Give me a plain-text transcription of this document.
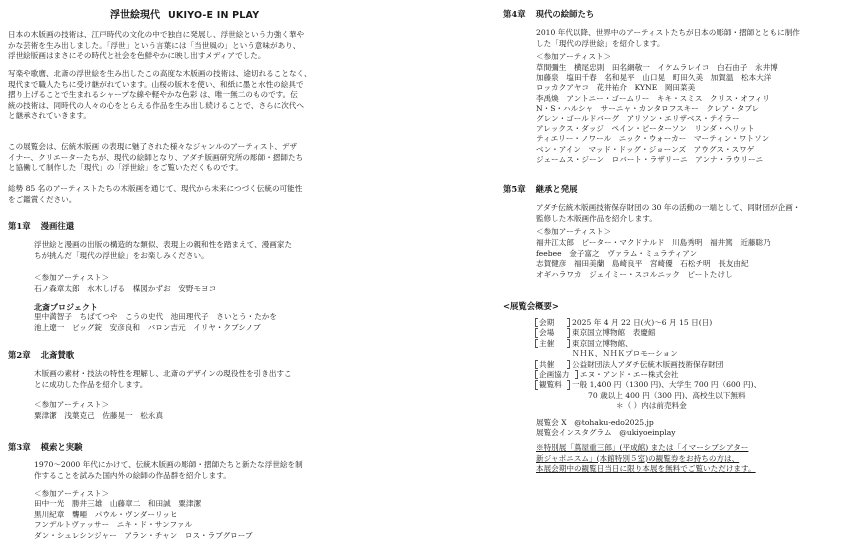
浮世絵現代 UKIYO-E IN PLAY
日本の木版画の技術は、江戸時代の文化の中で独自に発展し、浮世絵という力強く華や
かな芸術を生み出しました。「浮世」という言葉には「当世風の」という意味があり、
浮世絵版画はまさにその時代と社会を色鮮やかに映し出すメディアでした。
写楽や歌麿、北斎の浮世絵を生み出したこの高度な木版画の技術は、途切れることなく、
現代まで職人たちに受け継がれています。山桜の版木を使い、和紙に墨と水性の絵具で
摺り上げることで生まれるシャープな線や軽やかな色彩 は、唯一無二のものです。伝
統の技術は、同時代の人々の心をとらえる作品を生み出し続けることで、さらに次代へ
と継承されていきます。
この展覧会は、伝統木版画 の表現に魅了された様々なジャンルのアーティスト、デザ
イナー、クリエーターたちが、現代の絵師となり、アダチ版画研究所の彫師・摺師たち
と協働して制作した「現代」の「浮世絵」をご覧いただくものです。
総勢 85 名のアーティストたちの木版画を通じて、現代から未来につづく伝統の可能性
をご鑑賞ください。
第1章 漫画往還
浮世絵と漫画の出版の構造的な類似、表現上の親和性を踏まえて、漫画家た
ちが挑んだ「現代の浮世絵」をお楽しみください。
＜参加アーティスト＞
石ノ森章太郎　水木しげる　楳図かずお　安野モヨコ
北斎プロジェクト
里中満智子　ちばてつや　こうの史代　池田理代子　さいとう・たかを
池上遼一　ビッグ錠　安彦良和　バロン吉元　イリヤ・クブシノブ
第2章 北斎賛歌
木版画の素材・技法の特性を理解し、北斎のデザインの現役性を引き出すこ
とに成功した作品を紹介します。
＜参加アーティスト＞
粟津潔　浅葉克己　佐藤晃一　松永真
第3章 模索と実験
1970～2000 年代にかけて、伝統木版画の彫師・摺師たちと新たな浮世絵を制
作することを試みた国内外の絵師の作品群を紹介します。
＜参加アーティスト＞
田中一光　勝井三雄　山藤章二　和田誠　粟津潔
黒川紀章　聾唖　パウル・ヴンダーリッヒ
フンデルトヴァッサー　ニキ・ド・サンファル
ダン・シュレシンジャー　アラン・チャン　ロス・ラブグローブ
第4章 現代の絵師たち
2010 年代以降、世界中のアーティストたちが日本の彫師・摺師とともに制作
した「現代の浮世絵」を紹介します。
＜参加アーティスト＞
草間彌生　横尾忠則　田名網敬一　イケムラレイコ　白石由子　永井博
加藤泉　塩田千春　名和晃平　山口晃　町田久美　加賀温　松本大洋
ロッカクアヤコ　花井祐介　KYNE　岡田菜美
李禹煥　アントニー・ゴームリー　キキ・スミス　クリス・オフィリ
N・S・ハルシャ　サーニャ・カンタロフスキー　クレア・タブレ
グレン・ゴールドバーグ　アリソン・エリザベス・テイラー
アレックス・ダッジ　ペイン・ピーターソン　リンダ・ヘリット
ティエリー・ノワール　ニック・ウォーカー　マーティン・ワトソン
ベン・アイン　マッド・ドッグ・ジョーンズ　アウグス・スワゲ
ジェームス・ジーン　ロバート・ラザリーニ　アンナ・ラウリーニ
第5章 継承と発展
アダチ伝統木版画技術保存財団の 30 年の活動の一端として、同財団が企画・
監修した木版画作品を紹介します。
＜参加アーティスト＞
福井江太郎　ピーター・マクドナルド　川島秀明　福井篤　近藤聡乃
feebee　金子富之　ヴァラム・ミュラティアン
志賀健彦　福田美蘭　島崎良平　宮崎優　石松チ明　長友由紀
オギハラワカ　ジェイミー・スコルニック　ピートたけし
<展覧会概要>
会期	2025 年 4 月 22 日(火)～6 月 15 日(日)
会場	東京国立博物館　表慶館
主催	東京国立博物館、
ＮＨＫ、ＮＨＫプロモーション
共催	公益財団法人アダチ伝統木版画技術保存財団
企画協力	エヌ・アンド・エー株式会社
観覧料	一般 1,400 円（1300 円)、大学生 700 円（600 円)、
70 歳以上 400 円（300 円)、高校生以下無料
＊（ ）内は前売料金
展覧会 X　@tohaku-edo2025.jp
展覧会インスタグラム　@ukiyoeinplay
※特別展「蔦屋重三郎」(平成館) または「イマーシブシアター
新ジャポニスム」(本館特別５室)の観覧券をお持ちの方は、
本展会期中の観覧日当日に限り本展を無料でご覧いただけます。
